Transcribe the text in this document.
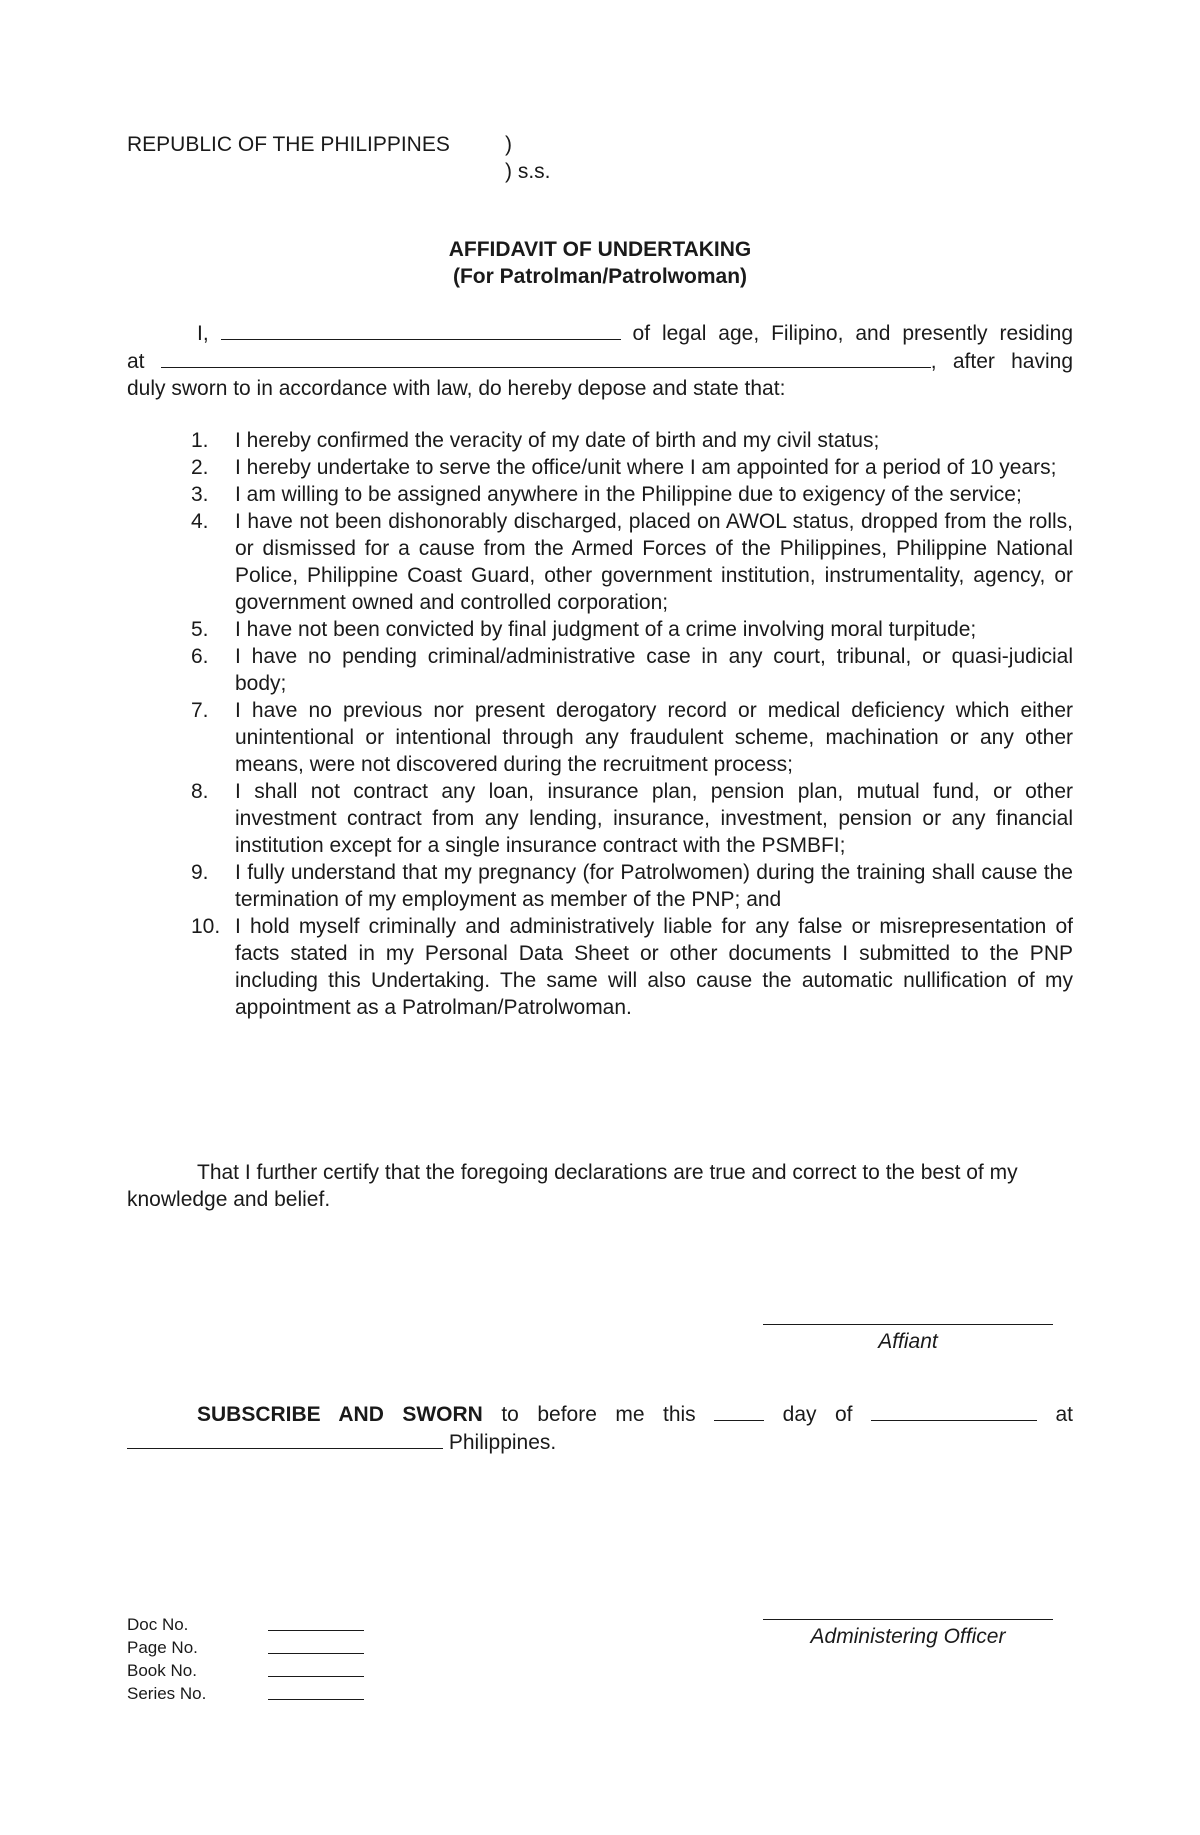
REPUBLIC OF THE PHILIPPINES	)
) s.s.
AFFIDAVIT OF UNDERTAKING
(For Patrolman/Patrolwoman)
I,	of legal age, Filipino, and presently residing
at	, after having
duly sworn to in accordance with law, do hereby depose and state that:
1.	I hereby confirmed the veracity of my date of birth and my civil status;
2.	I hereby undertake to serve the office/unit where I am appointed for a period of 10 years;
3.	I am willing to be assigned anywhere in the Philippine due to exigency of the service;
4.	I have not been dishonorably discharged, placed on AWOL status, dropped from the rolls, or dismissed for a cause from the Armed Forces of the Philippines, Philippine National Police, Philippine Coast Guard, other government institution, instrumentality, agency, or government owned and controlled corporation;
5.	I have not been convicted by final judgment of a crime involving moral turpitude;
6.	I have no pending criminal/administrative case in any court, tribunal, or quasi-judicial body;
7.	I have no previous nor present derogatory record or medical deficiency which either unintentional or intentional through any fraudulent scheme, machination or any other means, were not discovered during the recruitment process;
8.	I shall not contract any loan, insurance plan, pension plan, mutual fund, or other investment contract from any lending, insurance, investment, pension or any financial institution except for a single insurance contract with the PSMBFI;
9.	I fully understand that my pregnancy (for Patrolwomen) during the training shall cause the termination of my employment as member of the PNP; and
10. I hold myself criminally and administratively liable for any false or misrepresentation of facts stated in my Personal Data Sheet or other documents I submitted to the PNP including this Undertaking. The same will also cause the automatic nullification of my appointment as a Patrolman/Patrolwoman.
That I further certify that the foregoing declarations are true and correct to the best of my knowledge and belief.
Affiant
SUBSCRIBE AND SWORN to before me this	day of	at
Philippines.
Doc No.
Page No.
Book No.
Series No.
Administering Officer
